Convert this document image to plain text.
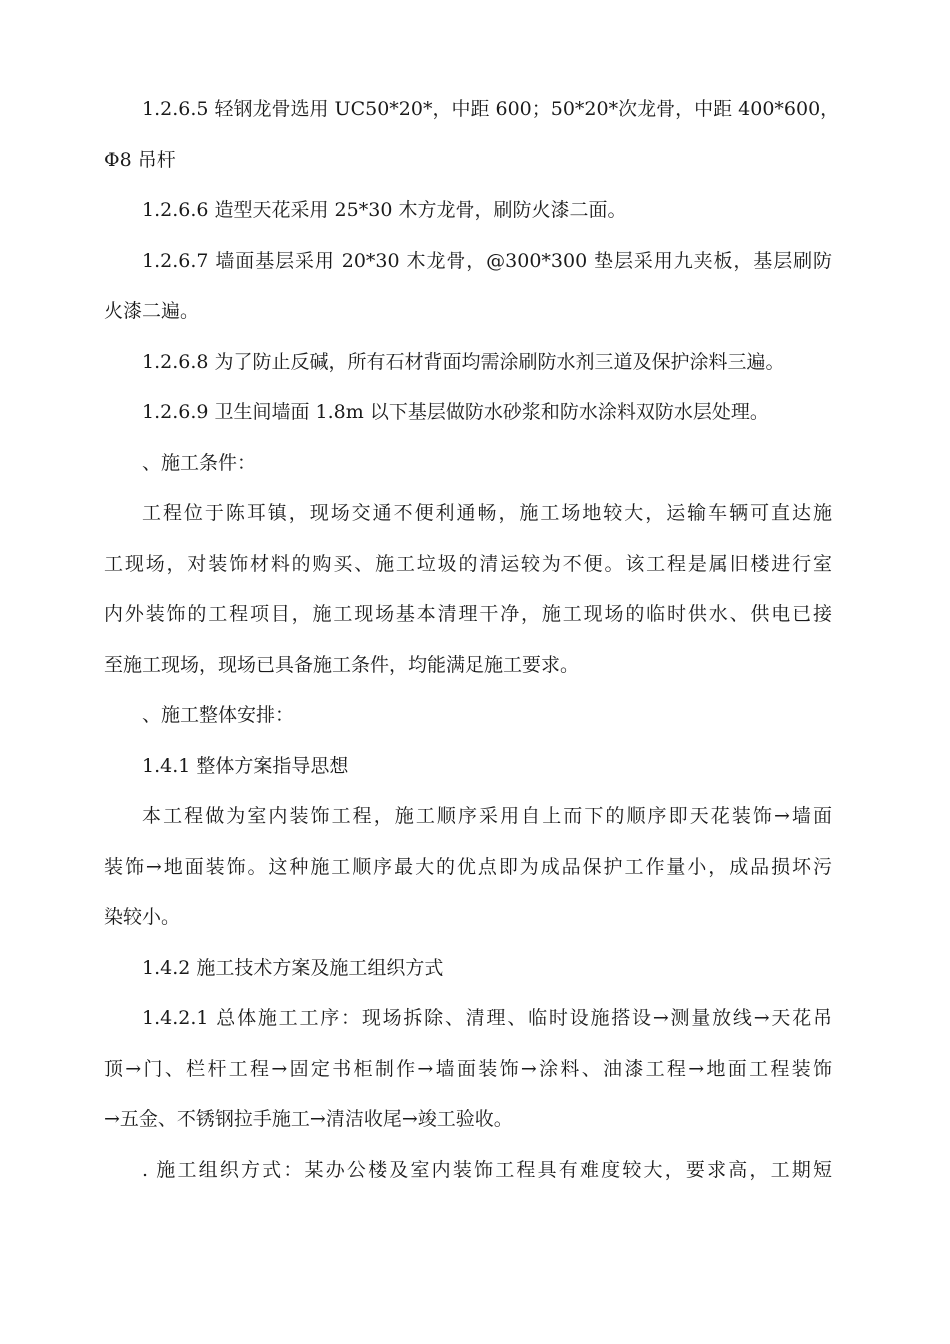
1.2.6.5 轻钢龙骨选用 UC50*20*，中距 600；50*20*次龙骨，中距 400*600，
Φ8 吊杆
1.2.6.6 造型天花采用 25*30 木方龙骨，刷防火漆二面。
1.2.6.7 墙面基层采用 20*30 木龙骨，@300*300 垫层采用九夹板，基层刷防
火漆二遍。
1.2.6.8 为了防止反碱，所有石材背面均需涂刷防水剂三道及保护涂料三遍。
1.2.6.9 卫生间墙面 1.8m 以下基层做防水砂浆和防水涂料双防水层处理。
、施工条件：
工程位于陈耳镇，现场交通不便利通畅，施工场地较大，运输车辆可直达施
工现场，对装饰材料的购买、施工垃圾的清运较为不便。该工程是属旧楼进行室
内外装饰的工程项目，施工现场基本清理干净，施工现场的临时供水、供电已接
至施工现场，现场已具备施工条件，均能满足施工要求。
、施工整体安排：
1.4.1 整体方案指导思想
本工程做为室内装饰工程，施工顺序采用自上而下的顺序即天花装饰→墙面
装饰→地面装饰。这种施工顺序最大的优点即为成品保护工作量小，成品损坏污
染较小。
1.4.2 施工技术方案及施工组织方式
1.4.2.1 总体施工工序：现场拆除、清理、临时设施搭设→测量放线→天花吊
顶→门、栏杆工程→固定书柜制作→墙面装饰→涂料、油漆工程→地面工程装饰
→五金、不锈钢拉手施工→清洁收尾→竣工验收。
. 施工组织方式：某办公楼及室内装饰工程具有难度较大，要求高，工期短
